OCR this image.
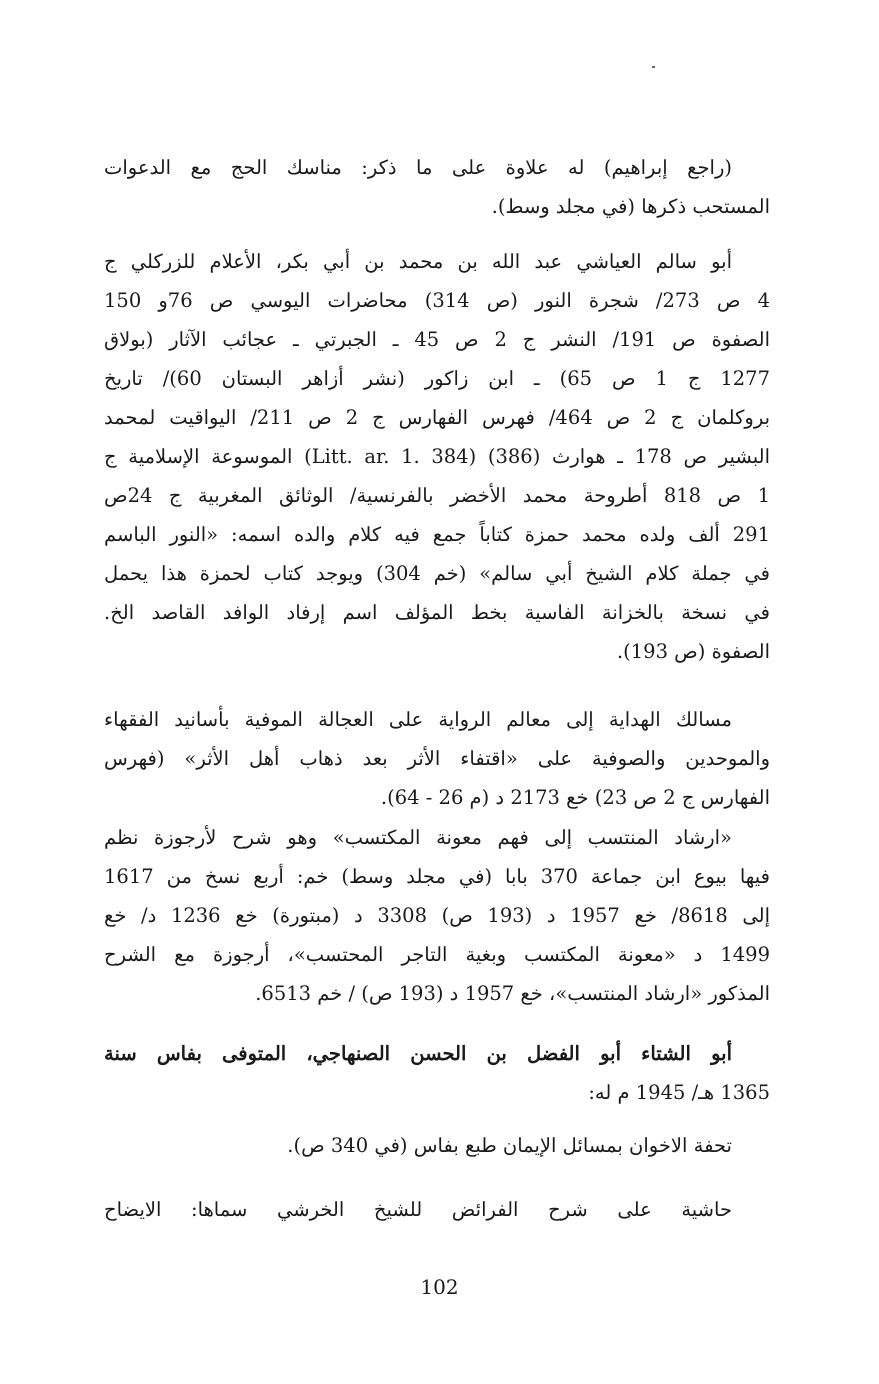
(راجع إبراهيم) له علاوة على ما ذكر: مناسك الحج مع الدعوات
المستحب ذكرها (في مجلد وسط).
أبو سالم العياشي عبد الله بن محمد بن أبي بكر، الأعلام للزركلي ج
4 ص 273/ شجرة النور (ص 314) محاضرات اليوسي ص 76و 150
الصفوة ص 191/ النشر ج 2 ص 45 ـ الجبرتي ـ عجائب الآثار (بولاق
1277 ج 1 ص 65) ـ ابن زاكور (نشر أزاهر البستان 60)/ تاريخ
بروكلمان ج 2 ص 464/ فهرس الفهارس ج 2 ص 211/ اليواقيت لمحمد
البشير ص 178 ـ هوارث (386) (Litt. ar. 1. 384) الموسوعة الإسلامية ج
1 ص 818 أطروحة محمد الأخضر بالفرنسية/ الوثائق المغربية ج 24ص
291 ألف ولده محمد حمزة كتاباً جمع فيه كلام والده اسمه: «النور الباسم
في جملة كلام الشيخ أبي سالم» (خم 304) ويوجد كتاب لحمزة هذا يحمل
في نسخة بالخزانة الفاسية بخط المؤلف اسم إرفاد الوافد القاصد الخ.
الصفوة (ص 193).
مسالك الهداية إلى معالم الرواية على العجالة الموفية بأسانيد الفقهاء
والموحدين والصوفية على «اقتفاء الأثر بعد ذهاب أهل الأثر» (فهرس
الفهارس ج 2 ص 23) خع 2173 د (م 26 - 64).
«ارشاد المنتسب إلى فهم معونة المكتسب» وهو شرح لأرجوزة نظم
فيها بيوع ابن جماعة 370 بابا (في مجلد وسط) خم: أربع نسخ من 1617
إلى 8618/ خع 1957 د (193 ص) 3308 د (مبتورة) خع 1236 د/ خع
1499 د «معونة المكتسب وبغية التاجر المحتسب»، أرجوزة مع الشرح
المذكور «ارشاد المنتسب»، خع 1957 د (193 ص) / خم 6513.
أبو الشتاء أبو الفضل بن الحسن الصنهاجي، المتوفى بفاس سنة
1365 هـ/ 1945 م له:
تحفة الاخوان بمسائل الإيمان طبع بفاس (في 340 ص).
حاشية على شرح الفرائض للشيخ الخرشي سماها: الايضاح
102
